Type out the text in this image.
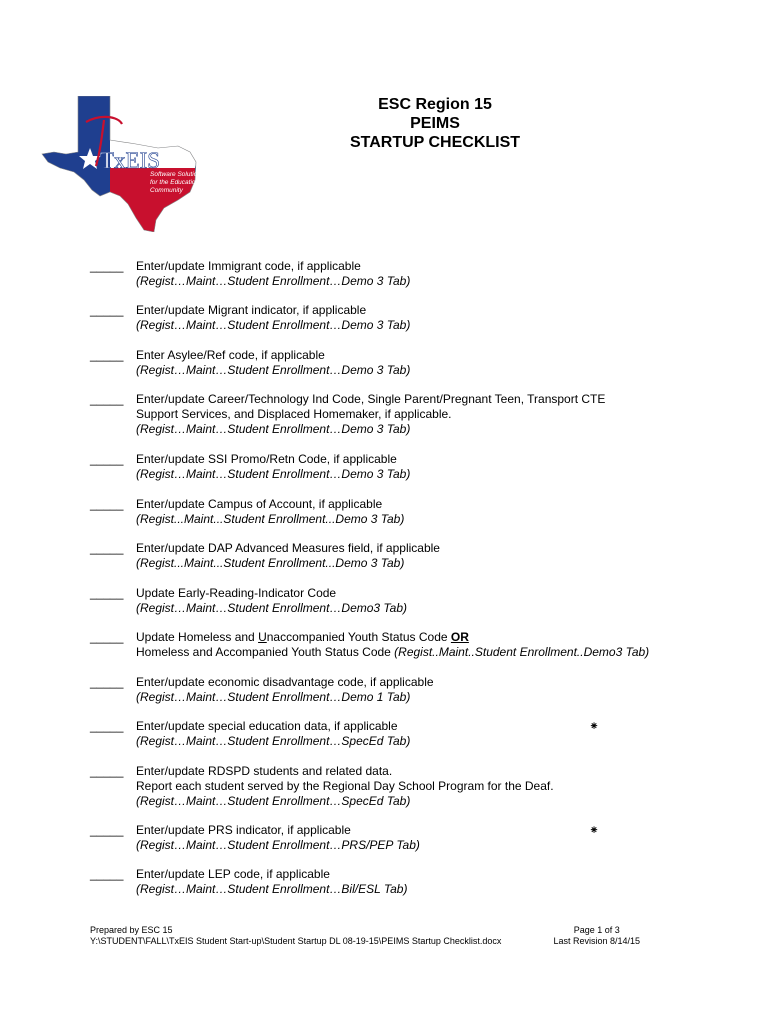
TxEIS
Software Solutions
for the Educational
Community
ESC Region 15
PEIMS
STARTUP CHECKLIST
_____ Enter/update Immigrant code, if applicable
(Regist…Maint…Student Enrollment…Demo 3 Tab)
_____ Enter/update Migrant indicator, if applicable
(Regist…Maint…Student Enrollment…Demo 3 Tab)
_____ Enter Asylee/Ref code, if applicable
(Regist…Maint…Student Enrollment…Demo 3 Tab)
_____ Enter/update Career/Technology Ind Code, Single Parent/Pregnant Teen, Transport CTE
Support Services, and Displaced Homemaker, if applicable.
(Regist…Maint…Student Enrollment…Demo 3 Tab)
_____ Enter/update SSI Promo/Retn Code, if applicable
(Regist…Maint…Student Enrollment…Demo 3 Tab)
_____ Enter/update Campus of Account, if applicable
(Regist...Maint...Student Enrollment...Demo 3 Tab)
_____ Enter/update DAP Advanced Measures field, if applicable
(Regist...Maint...Student Enrollment...Demo 3 Tab)
_____ Update Early-Reading-Indicator Code
(Regist…Maint…Student Enrollment…Demo3 Tab)
_____ Update Homeless and Unaccompanied Youth Status Code OR
Homeless and Accompanied Youth Status Code (Regist..Maint..Student Enrollment..Demo3 Tab)
_____ Enter/update economic disadvantage code, if applicable
(Regist…Maint…Student Enrollment…Demo 1 Tab)
_____ Enter/update special education data, if applicable
(Regist…Maint…Student Enrollment…SpecEd Tab)
⁕
_____ Enter/update RDSPD students and related data.
Report each student served by the Regional Day School Program for the Deaf.
(Regist…Maint…Student Enrollment…SpecEd Tab)
_____ Enter/update PRS indicator, if applicable
(Regist…Maint…Student Enrollment…PRS/PEP Tab)
⁕
_____ Enter/update LEP code, if applicable
(Regist…Maint…Student Enrollment…Bil/ESL Tab)
Prepared by ESC 15
Y:\STUDENT\FALL\TxEIS Student Start-up\Student Startup DL 08-19-15\PEIMS Startup Checklist.docx
Page 1 of 3
Last Revision 8/14/15
